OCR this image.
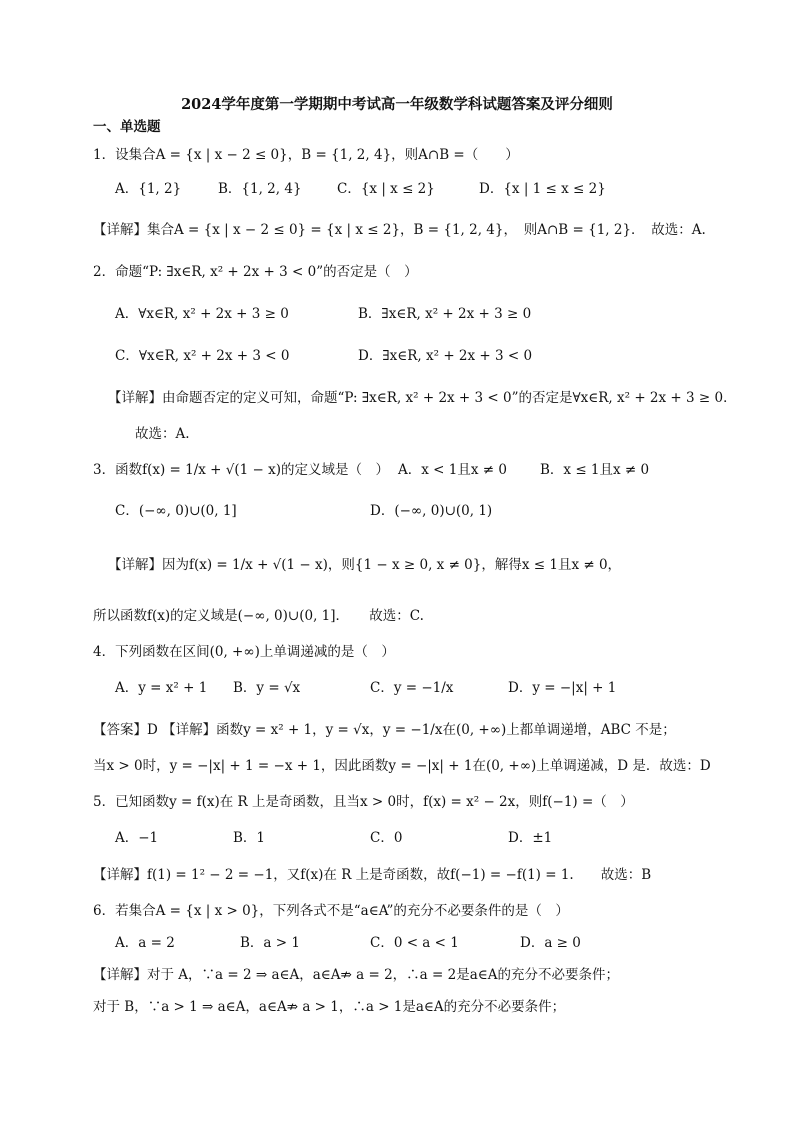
2024学年度第一学期期中考试高一年级数学科试题答案及评分细则
一、单选题
1．设集合A = {x | x − 2 ≤ 0}，B = {1, 2, 4}，则A∩B =（　　）
A．{1, 2}	B．{1, 2, 4}	C．{x | x ≤ 2}	D．{x | 1 ≤ x ≤ 2}
【详解】集合A = {x | x − 2 ≤ 0} = {x | x ≤ 2}，B = {1, 2, 4}，　则A∩B = {1, 2}．　故选：A.
2．命题“P: ∃x∈R, x² + 2x + 3 < 0”的否定是（　）
A．∀x∈R, x² + 2x + 3 ≥ 0	B．∃x∈R, x² + 2x + 3 ≥ 0
C．∀x∈R, x² + 2x + 3 < 0	D．∃x∈R, x² + 2x + 3 < 0
【详解】由命题否定的定义可知，命题“P: ∃x∈R, x² + 2x + 3 < 0”的否定是∀x∈R, x² + 2x + 3 ≥ 0．
故选：A.
3．函数f(x) = 1/x + √(1 − x)的定义域是（　） A．x < 1且x ≠ 0 B．x ≤ 1且x ≠ 0
C．(−∞, 0)∪(0, 1]	D．(−∞, 0)∪(0, 1)
【详解】因为f(x) = 1/x + √(1 − x)，则{1 − x ≥ 0, x ≠ 0}，解得x ≤ 1且x ≠ 0，
所以函数f(x)的定义域是(−∞, 0)∪(0, 1]．　　故选：C.
4．下列函数在区间(0, +∞)上单调递减的是（　）
A．y = x² + 1 B．y = √x	C．y = −1/x	D．y = −|x| + 1
【答案】D 【详解】函数y = x² + 1，y = √x，y = −1/x在(0, +∞)上都单调递增，ABC 不是；
当x > 0时，y = −|x| + 1 = −x + 1，因此函数y = −|x| + 1在(0, +∞)上单调递减，D 是．故选：D
5．已知函数y = f(x)在 R 上是奇函数，且当x > 0时，f(x) = x² − 2x，则f(−1) =（　）
A．−1	B．1	C．0	D．±1
【详解】f(1) = 1² − 2 = −1，又f(x)在 R 上是奇函数，故f(−1) = −f(1) = 1.　　故选：B
6．若集合A = {x | x > 0}，下列各式不是“a∈A”的充分不必要条件的是（　）
A．a = 2	B．a > 1	C．0 < a < 1	D．a ≥ 0
【详解】对于 A，∵a = 2 ⇒ a∈A，a∈A⇏ a = 2，∴a = 2是a∈A的充分不必要条件；
对于 B，∵a > 1 ⇒ a∈A，a∈A⇏ a > 1，∴a > 1是a∈A的充分不必要条件；
